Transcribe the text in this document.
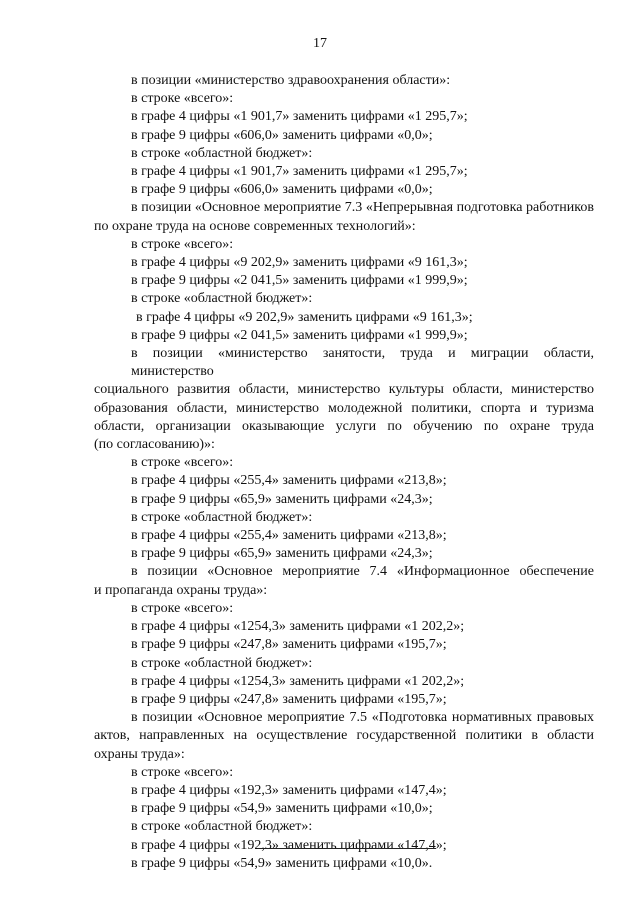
17
в позиции «министерство здравоохранения области»:
в строке «всего»:
в графе 4 цифры «1 901,7» заменить цифрами «1 295,7»;
в графе 9 цифры «606,0» заменить цифрами «0,0»;
в строке «областной бюджет»:
в графе 4 цифры «1 901,7» заменить цифрами «1 295,7»;
в графе 9 цифры «606,0» заменить цифрами «0,0»;
в позиции «Основное мероприятие 7.3 «Непрерывная подготовка работников
по охране труда на основе современных технологий»:
в строке «всего»:
в графе 4 цифры «9 202,9» заменить цифрами «9 161,3»;
в графе 9 цифры «2 041,5» заменить цифрами «1 999,9»;
в строке «областной бюджет»:
в графе 4 цифры «9 202,9» заменить цифрами «9 161,3»;
в графе 9 цифры «2 041,5» заменить цифрами «1 999,9»;
в позиции «министерство занятости, труда и миграции области, министерство
социального развития области, министерство культуры области, министерство
образования области, министерство молодежной политики, спорта и туризма
области, организации оказывающие услуги по обучению по охране труда
(по согласованию)»:
в строке «всего»:
в графе 4 цифры «255,4» заменить цифрами «213,8»;
в графе 9 цифры «65,9» заменить цифрами «24,3»;
в строке «областной бюджет»:
в графе 4 цифры «255,4» заменить цифрами «213,8»;
в графе 9 цифры «65,9» заменить цифрами «24,3»;
в позиции «Основное мероприятие 7.4 «Информационное обеспечение
и пропаганда охраны труда»:
в строке «всего»:
в графе 4 цифры «1254,3» заменить цифрами «1 202,2»;
в графе 9 цифры «247,8» заменить цифрами «195,7»;
в строке «областной бюджет»:
в графе 4 цифры «1254,3» заменить цифрами «1 202,2»;
в графе 9 цифры «247,8» заменить цифрами «195,7»;
в позиции «Основное мероприятие 7.5 «Подготовка нормативных правовых
актов, направленных на осуществление государственной политики в области
охраны труда»:
в строке «всего»:
в графе 4 цифры «192,3» заменить цифрами «147,4»;
в графе 9 цифры «54,9» заменить цифрами «10,0»;
в строке «областной бюджет»:
в графе 4 цифры «192,3» заменить цифрами «147,4»;
в графе 9 цифры «54,9» заменить цифрами «10,0».
